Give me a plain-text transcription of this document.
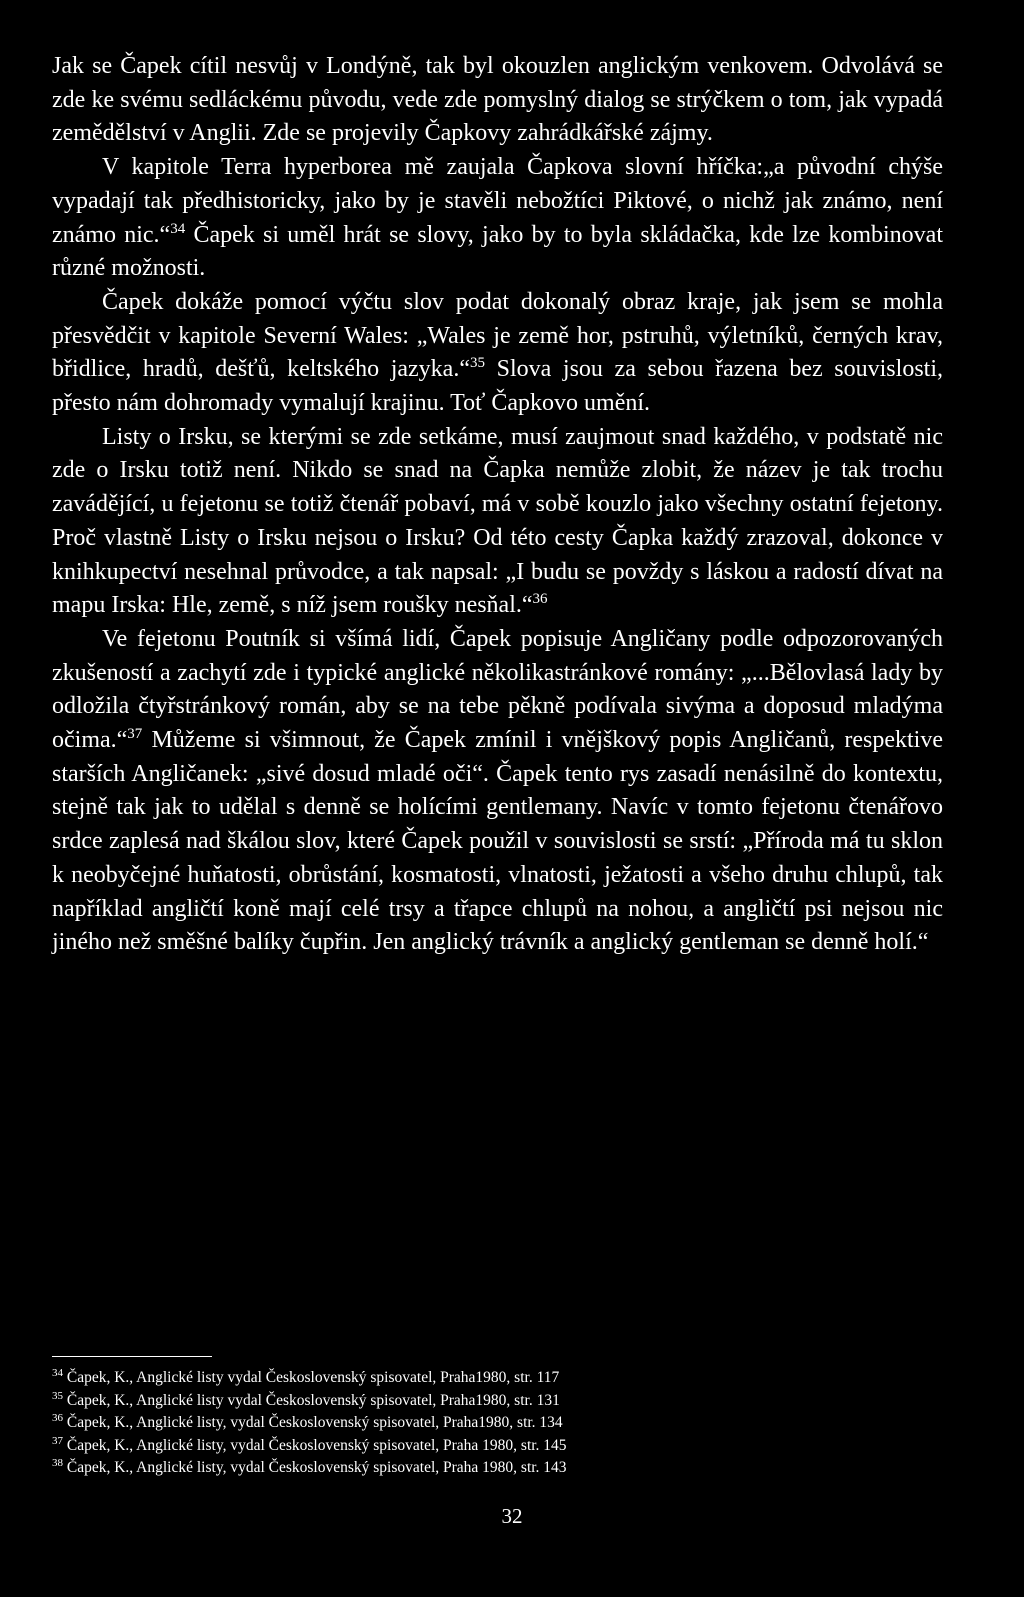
Jak se Čapek cítil nesvůj v Londýně, tak byl okouzlen anglickým venkovem. Odvolává se zde ke svému sedláckému původu, vede zde pomyslný dialog se strýčkem o tom, jak vypadá zemědělství v Anglii. Zde se projevily Čapkovy zahrádkářské zájmy.

V kapitole Terra hyperborea mě zaujala Čapkova slovní hříčka:„a původní chýše vypadají tak předhistoricky, jako by je stavěli nebožtíci Piktové, o nichž jak známo, není známo nic.“$^{34}$ Čapek si uměl hrát se slovy, jako by to byla skládačka, kde lze kombinovat různé možnosti.

Čapek dokáže pomocí výčtu slov podat dokonalý obraz kraje, jak jsem se mohla přesvědčit v kapitole Severní Wales: „Wales je země hor, pstruhů, výletníků, černých krav, břidlice, hradů, dešťů, keltského jazyka.“$^{35}$ Slova jsou za sebou řazena bez souvislosti, přesto nám dohromady vymalují krajinu. Toť Čapkovo umění.

Listy o Irsku, se kterými se zde setkáme, musí zaujmout snad každého, v podstatě nic zde o Irsku totiž není. Nikdo se snad na Čapka nemůže zlobit, že název je tak trochu zavádějící, u fejetonu se totiž čtenář pobaví, má v sobě kouzlo jako všechny ostatní fejetony. Proč vlastně Listy o Irsku nejsou o Irsku? Od této cesty Čapka každý zrazoval, dokonce v knihkupectví nesehnal průvodce, a tak napsal: „I budu se povždy s láskou a radostí dívat na mapu Irska: Hle, země, s níž jsem roušky nesňal.“$^{36}$

Ve fejetonu Poutník si všímá lidí, Čapek popisuje Angličany podle odpozorovaných zkušeností a zachytí zde i typické anglické několikastránkové romány: „...Bělovlasá lady by odložila čtyřstránkový román, aby se na tebe pěkně podívala sivýma a doposud mladýma očima.“$^{37}$ Můžeme si všimnout, že Čapek zmínil i vnějškový popis Angličanů, respektive starších Angličanek: „sivé dosud mladé oči“. Čapek tento rys zasadí nenásilně do kontextu, stejně tak jak to udělal s denně se holícími gentlemany. Navíc v tomto fejetonu čtenářovo srdce zaplesá nad škálou slov, které Čapek použil v souvislosti se srstí: „Příroda má tu sklon k neobyčejné huňatosti, obrůstání, kosmatosti, vlnatosti, ježatosti a všeho druhu chlupů, tak například angličtí koně mají celé trsy a třapce chlupů na nohou, a angličtí psi nejsou nic jiného než směšné balíky čupřin. Jen anglický trávník a anglický gentleman se denně holí.“

$^{34}$ Čapek, K., Anglické listy vydal Československý spisovatel, Praha1980, str. 117
$^{35}$ Čapek, K., Anglické listy vydal Československý spisovatel, Praha1980, str. 131
$^{36}$ Čapek, K., Anglické listy, vydal Československý spisovatel, Praha1980, str. 134
$^{37}$ Čapek, K., Anglické listy, vydal Československý spisovatel, Praha 1980, str. 145
$^{38}$ Čapek, K., Anglické listy, vydal Československý spisovatel, Praha 1980, str. 143
32
